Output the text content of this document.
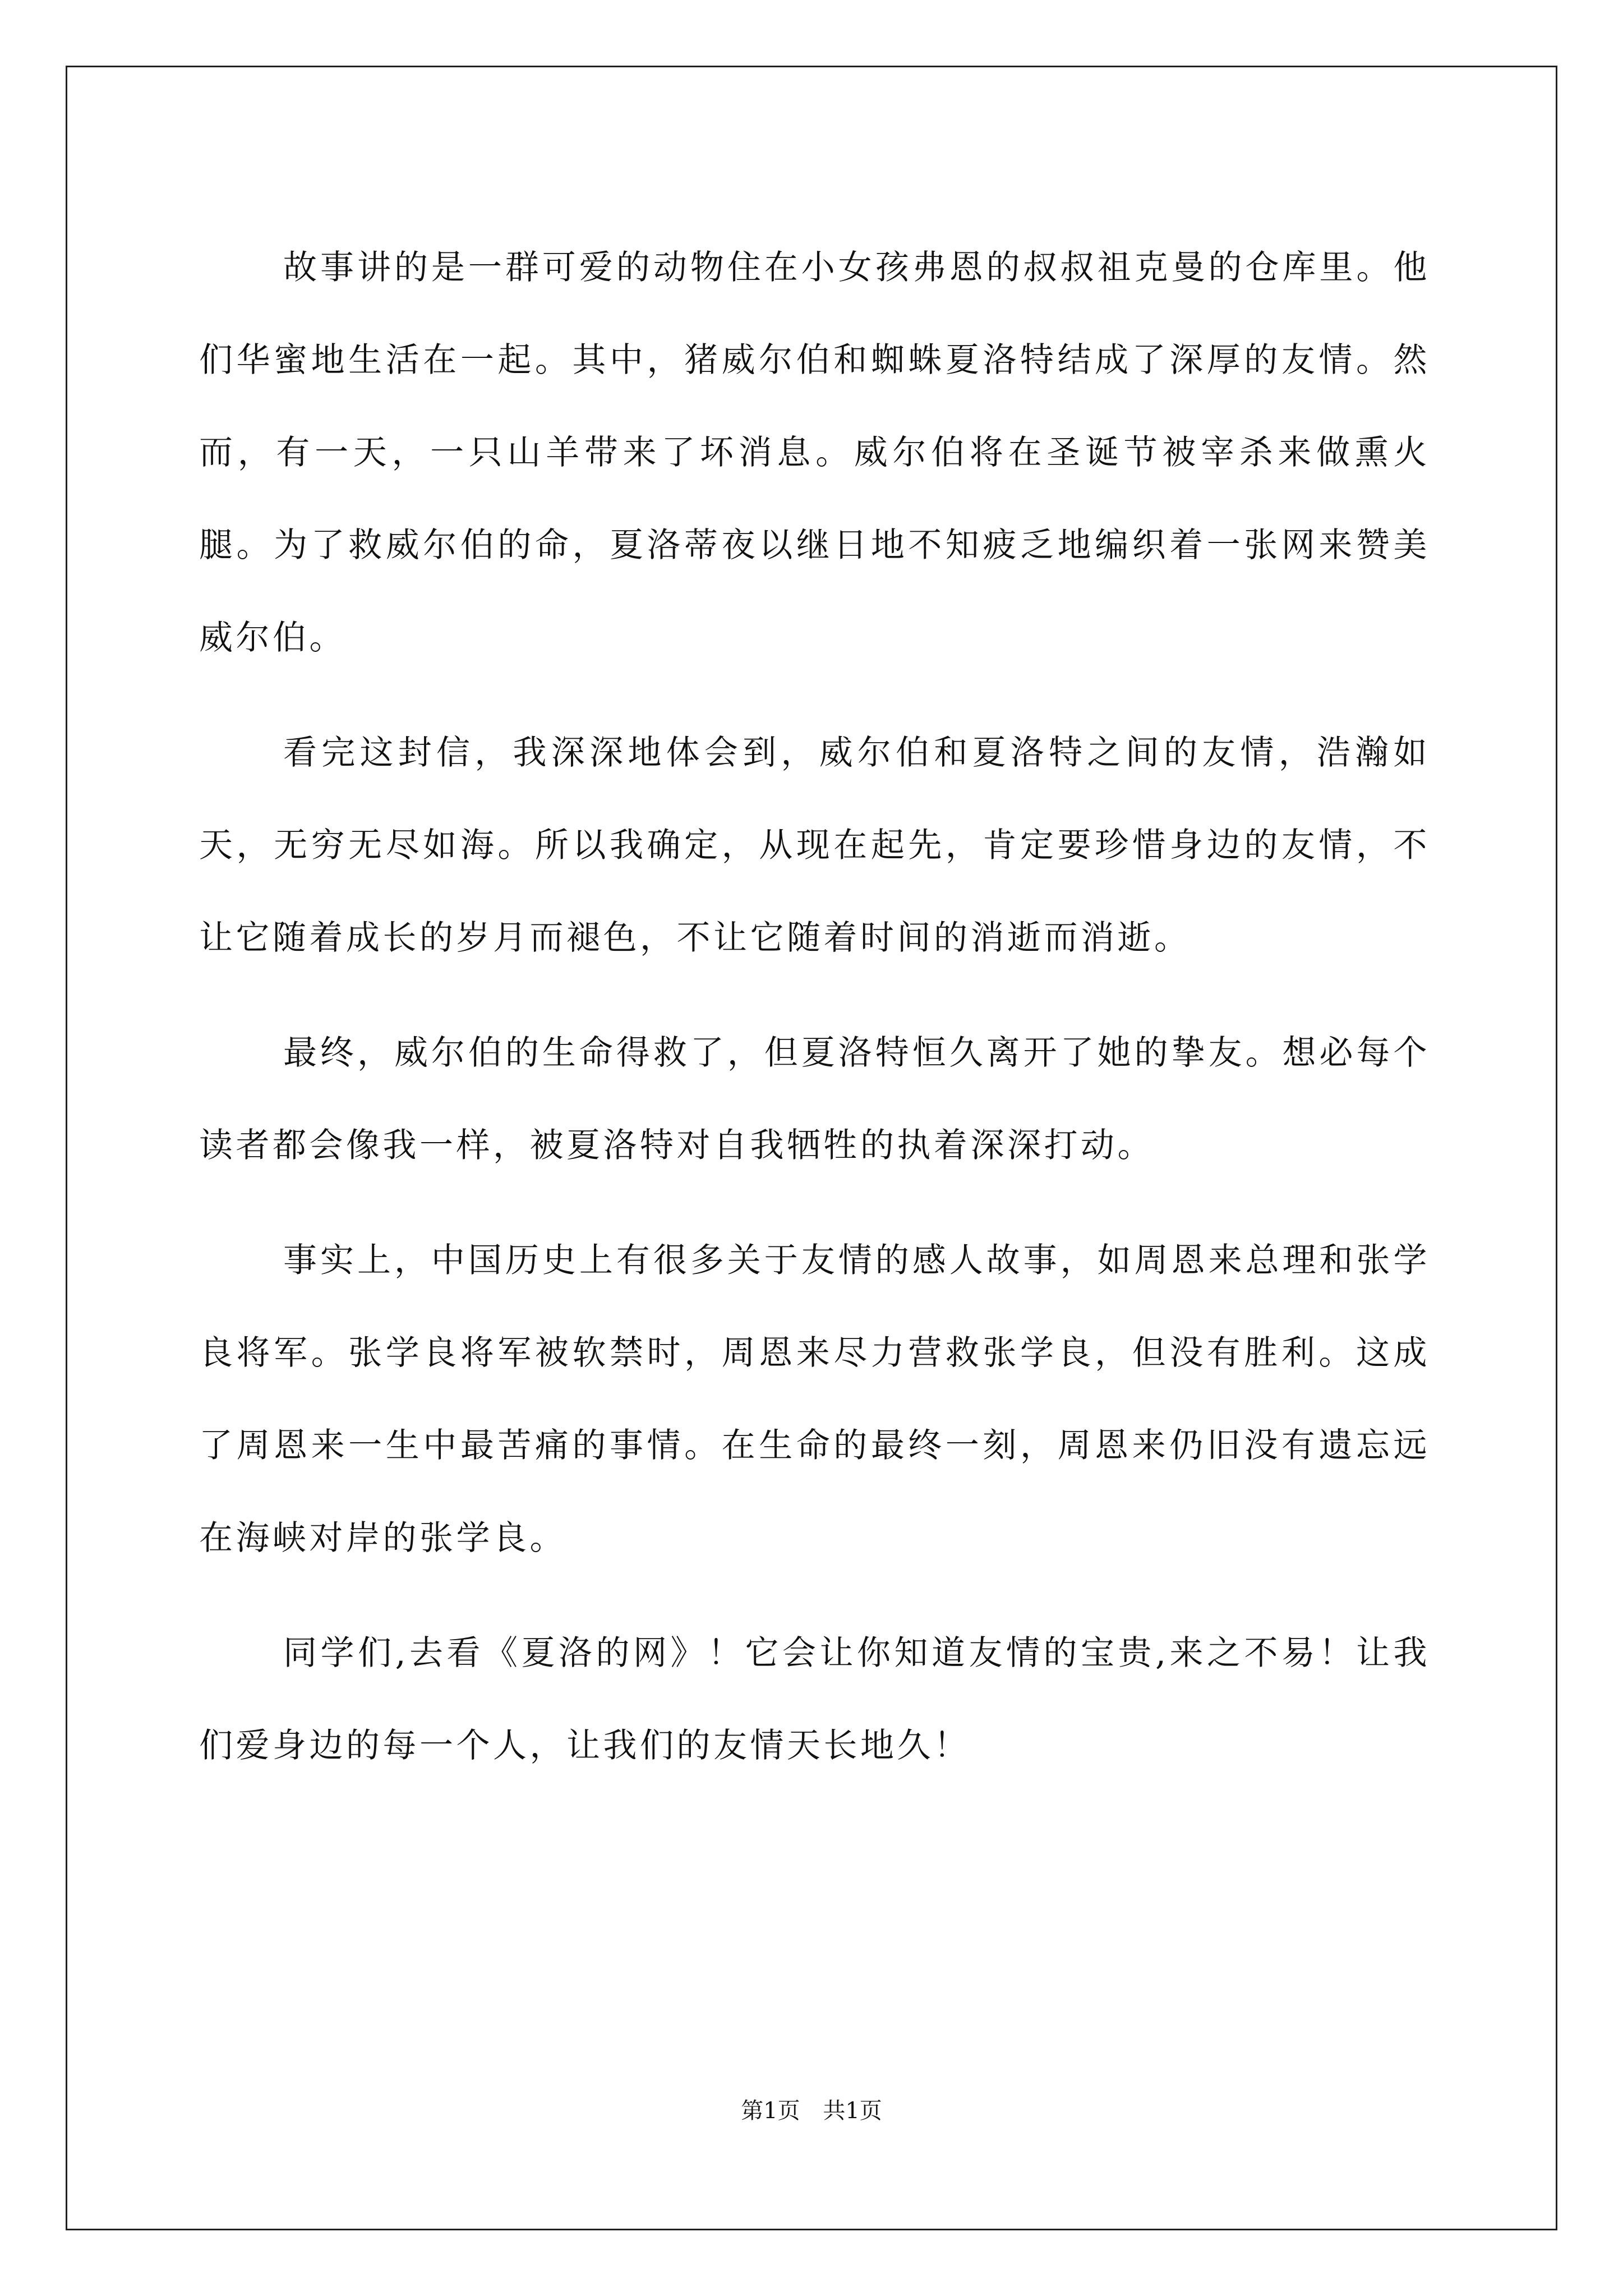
故事讲的是一群可爱的动物住在小女孩弗恩的叔叔祖克曼的仓库里。他们华蜜地生活在一起。其中，猪威尔伯和蜘蛛夏洛特结成了深厚的友情。然而，有一天，一只山羊带来了坏消息。威尔伯将在圣诞节被宰杀来做熏火腿。为了救威尔伯的命，夏洛蒂夜以继日地不知疲乏地编织着一张网来赞美威尔伯。

看完这封信，我深深地体会到，威尔伯和夏洛特之间的友情，浩瀚如天，无穷无尽如海。所以我确定，从现在起先，肯定要珍惜身边的友情，不让它随着成长的岁月而褪色，不让它随着时间的消逝而消逝。

最终，威尔伯的生命得救了，但夏洛特恒久离开了她的挚友。想必每个读者都会像我一样，被夏洛特对自我牺牲的执着深深打动。

事实上，中国历史上有很多关于友情的感人故事，如周恩来总理和张学良将军。张学良将军被软禁时，周恩来尽力营救张学良，但没有胜利。这成了周恩来一生中最苦痛的事情。在生命的最终一刻，周恩来仍旧没有遗忘远在海峡对岸的张学良。

同学们,去看《夏洛的网》！它会让你知道友情的宝贵,来之不易！让我们爱身边的每一个人，让我们的友情天长地久！

第1页 共1页
